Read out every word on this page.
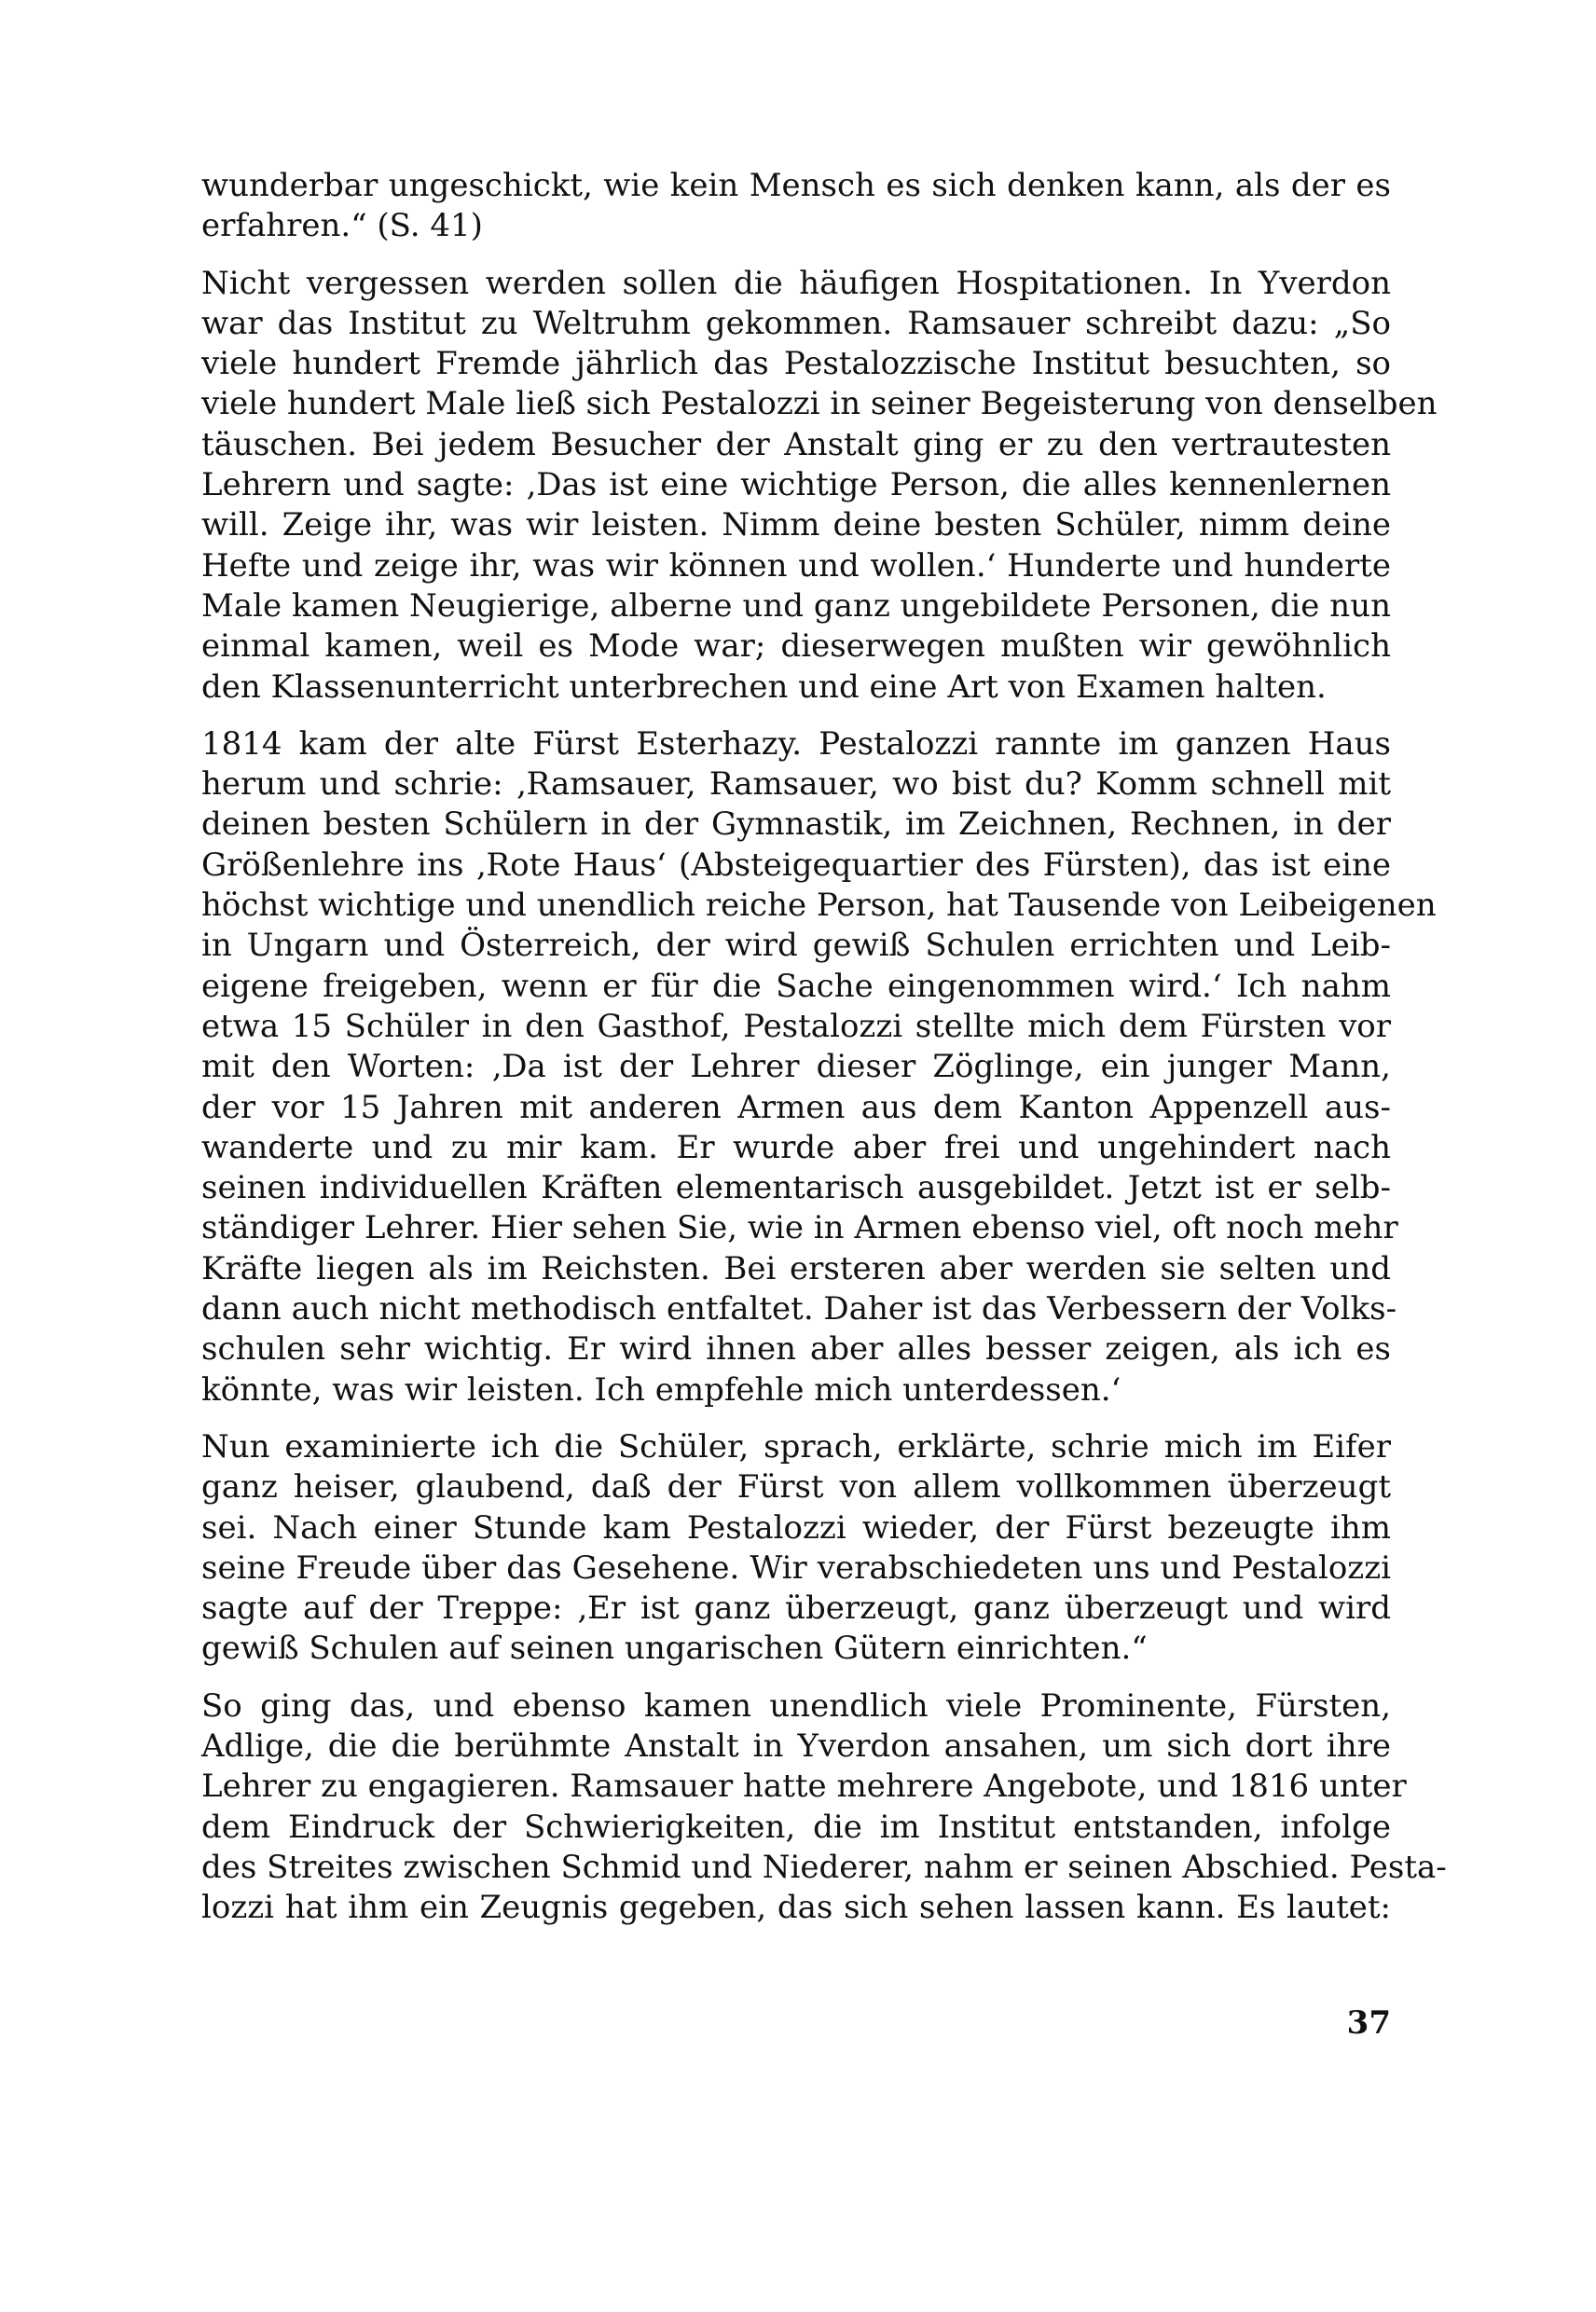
wunderbar ungeschickt, wie kein Mensch es sich denken kann, als der es
erfahren.“ (S. 41)

Nicht vergessen werden sollen die häufigen Hospitationen. In Yverdon
war das Institut zu Weltruhm gekommen. Ramsauer schreibt dazu: „So
viele hundert Fremde jährlich das Pestalozzische Institut besuchten, so
viele hundert Male ließ sich Pestalozzi in seiner Begeisterung von denselben
täuschen. Bei jedem Besucher der Anstalt ging er zu den vertrautesten
Lehrern und sagte: ‚Das ist eine wichtige Person, die alles kennenlernen
will. Zeige ihr, was wir leisten. Nimm deine besten Schüler, nimm deine
Hefte und zeige ihr, was wir können und wollen.‘ Hunderte und hunderte
Male kamen Neugierige, alberne und ganz ungebildete Personen, die nun
einmal kamen, weil es Mode war; dieserwegen mußten wir gewöhnlich
den Klassenunterricht unterbrechen und eine Art von Examen halten.

1814 kam der alte Fürst Esterhazy. Pestalozzi rannte im ganzen Haus
herum und schrie: ‚Ramsauer, Ramsauer, wo bist du? Komm schnell mit
deinen besten Schülern in der Gymnastik, im Zeichnen, Rechnen, in der
Größenlehre ins ‚Rote Haus‘ (Absteigequartier des Fürsten), das ist eine
höchst wichtige und unendlich reiche Person, hat Tausende von Leibeigenen
in Ungarn und Österreich, der wird gewiß Schulen errichten und Leib-
eigene freigeben, wenn er für die Sache eingenommen wird.‘ Ich nahm
etwa 15 Schüler in den Gasthof, Pestalozzi stellte mich dem Fürsten vor
mit den Worten: ‚Da ist der Lehrer dieser Zöglinge, ein junger Mann,
der vor 15 Jahren mit anderen Armen aus dem Kanton Appenzell aus-
wanderte und zu mir kam. Er wurde aber frei und ungehindert nach
seinen individuellen Kräften elementarisch ausgebildet. Jetzt ist er selb-
ständiger Lehrer. Hier sehen Sie, wie in Armen ebenso viel, oft noch mehr
Kräfte liegen als im Reichsten. Bei ersteren aber werden sie selten und
dann auch nicht methodisch entfaltet. Daher ist das Verbessern der Volks-
schulen sehr wichtig. Er wird ihnen aber alles besser zeigen, als ich es
könnte, was wir leisten. Ich empfehle mich unterdessen.‘

Nun examinierte ich die Schüler, sprach, erklärte, schrie mich im Eifer
ganz heiser, glaubend, daß der Fürst von allem vollkommen überzeugt
sei. Nach einer Stunde kam Pestalozzi wieder, der Fürst bezeugte ihm
seine Freude über das Gesehene. Wir verabschiedeten uns und Pestalozzi
sagte auf der Treppe: ‚Er ist ganz überzeugt, ganz überzeugt und wird
gewiß Schulen auf seinen ungarischen Gütern einrichten.“

So ging das, und ebenso kamen unendlich viele Prominente, Fürsten,
Adlige, die die berühmte Anstalt in Yverdon ansahen, um sich dort ihre
Lehrer zu engagieren. Ramsauer hatte mehrere Angebote, und 1816 unter
dem Eindruck der Schwierigkeiten, die im Institut entstanden, infolge
des Streites zwischen Schmid und Niederer, nahm er seinen Abschied. Pesta-
lozzi hat ihm ein Zeugnis gegeben, das sich sehen lassen kann. Es lautet:

37
